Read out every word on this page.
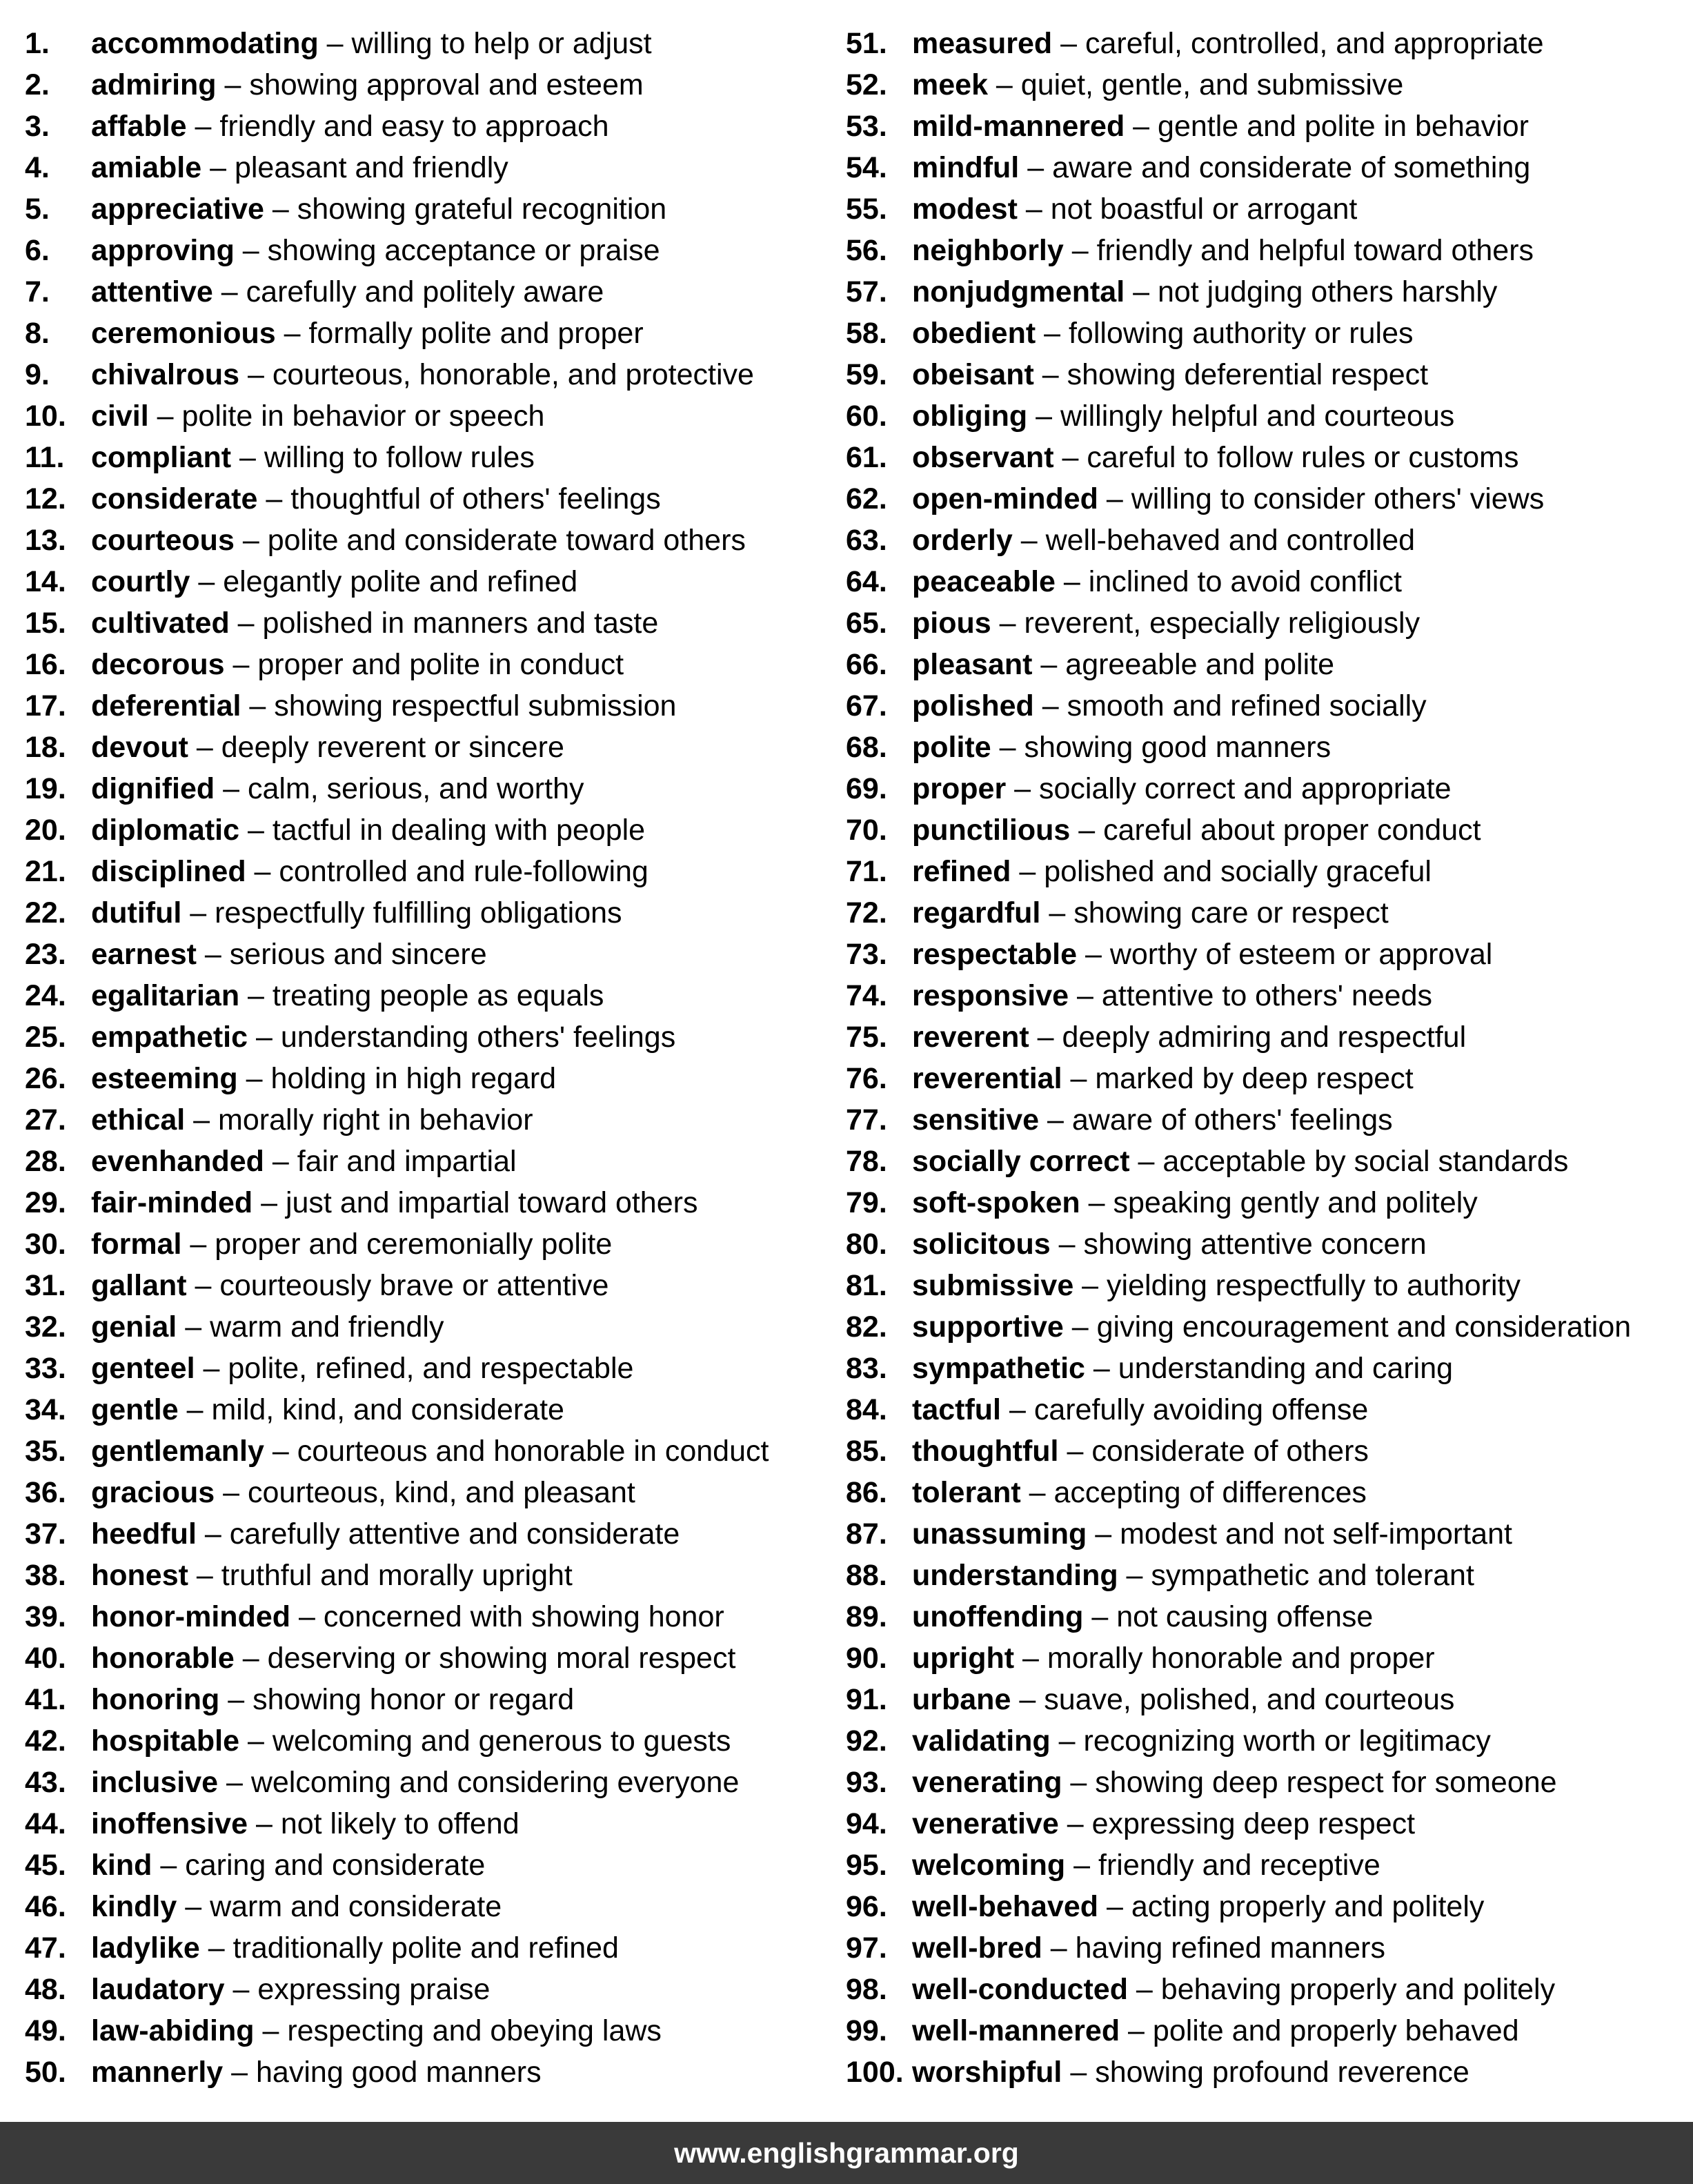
1.	accommodating – willing to help or adjust
2.	admiring – showing approval and esteem
3.	affable – friendly and easy to approach
4.	amiable – pleasant and friendly
5.	appreciative – showing grateful recognition
6.	approving – showing acceptance or praise
7.	attentive – carefully and politely aware
8.	ceremonious – formally polite and proper
9.	chivalrous – courteous, honorable, and protective
10. civil – polite in behavior or speech
11. compliant – willing to follow rules
12. considerate – thoughtful of others' feelings
13. courteous – polite and considerate toward others
14. courtly – elegantly polite and refined
15. cultivated – polished in manners and taste
16. decorous – proper and polite in conduct
17. deferential – showing respectful submission
18. devout – deeply reverent or sincere
19. dignified – calm, serious, and worthy
20. diplomatic – tactful in dealing with people
21. disciplined – controlled and rule-following
22. dutiful – respectfully fulfilling obligations
23. earnest – serious and sincere
24. egalitarian – treating people as equals
25. empathetic – understanding others' feelings
26. esteeming – holding in high regard
27. ethical – morally right in behavior
28. evenhanded – fair and impartial
29. fair-minded – just and impartial toward others
30. formal – proper and ceremonially polite
31. gallant – courteously brave or attentive
32. genial – warm and friendly
33. genteel – polite, refined, and respectable
34. gentle – mild, kind, and considerate
35. gentlemanly – courteous and honorable in conduct
36. gracious – courteous, kind, and pleasant
37. heedful – carefully attentive and considerate
38. honest – truthful and morally upright
39. honor-minded – concerned with showing honor
40. honorable – deserving or showing moral respect
41. honoring – showing honor or regard
42. hospitable – welcoming and generous to guests
43. inclusive – welcoming and considering everyone
44. inoffensive – not likely to offend
45. kind – caring and considerate
46. kindly – warm and considerate
47. ladylike – traditionally polite and refined
48. laudatory – expressing praise
49. law-abiding – respecting and obeying laws
50. mannerly – having good manners
51. measured – careful, controlled, and appropriate
52. meek – quiet, gentle, and submissive
53. mild-mannered – gentle and polite in behavior
54. mindful – aware and considerate of something
55. modest – not boastful or arrogant
56. neighborly – friendly and helpful toward others
57. nonjudgmental – not judging others harshly
58. obedient – following authority or rules
59. obeisant – showing deferential respect
60. obliging – willingly helpful and courteous
61. observant – careful to follow rules or customs
62. open-minded – willing to consider others' views
63. orderly – well-behaved and controlled
64. peaceable – inclined to avoid conflict
65. pious – reverent, especially religiously
66. pleasant – agreeable and polite
67. polished – smooth and refined socially
68. polite – showing good manners
69. proper – socially correct and appropriate
70. punctilious – careful about proper conduct
71. refined – polished and socially graceful
72. regardful – showing care or respect
73. respectable – worthy of esteem or approval
74. responsive – attentive to others' needs
75. reverent – deeply admiring and respectful
76. reverential – marked by deep respect
77. sensitive – aware of others' feelings
78. socially correct – acceptable by social standards
79. soft-spoken – speaking gently and politely
80. solicitous – showing attentive concern
81. submissive – yielding respectfully to authority
82. supportive – giving encouragement and consideration
83. sympathetic – understanding and caring
84. tactful – carefully avoiding offense
85. thoughtful – considerate of others
86. tolerant – accepting of differences
87. unassuming – modest and not self-important
88. understanding – sympathetic and tolerant
89. unoffending – not causing offense
90. upright – morally honorable and proper
91. urbane – suave, polished, and courteous
92. validating – recognizing worth or legitimacy
93. venerating – showing deep respect for someone
94. venerative – expressing deep respect
95. welcoming – friendly and receptive
96. well-behaved – acting properly and politely
97. well-bred – having refined manners
98. well-conducted – behaving properly and politely
99. well-mannered – polite and properly behaved
100. worshipful – showing profound reverence
www.englishgrammar.org
